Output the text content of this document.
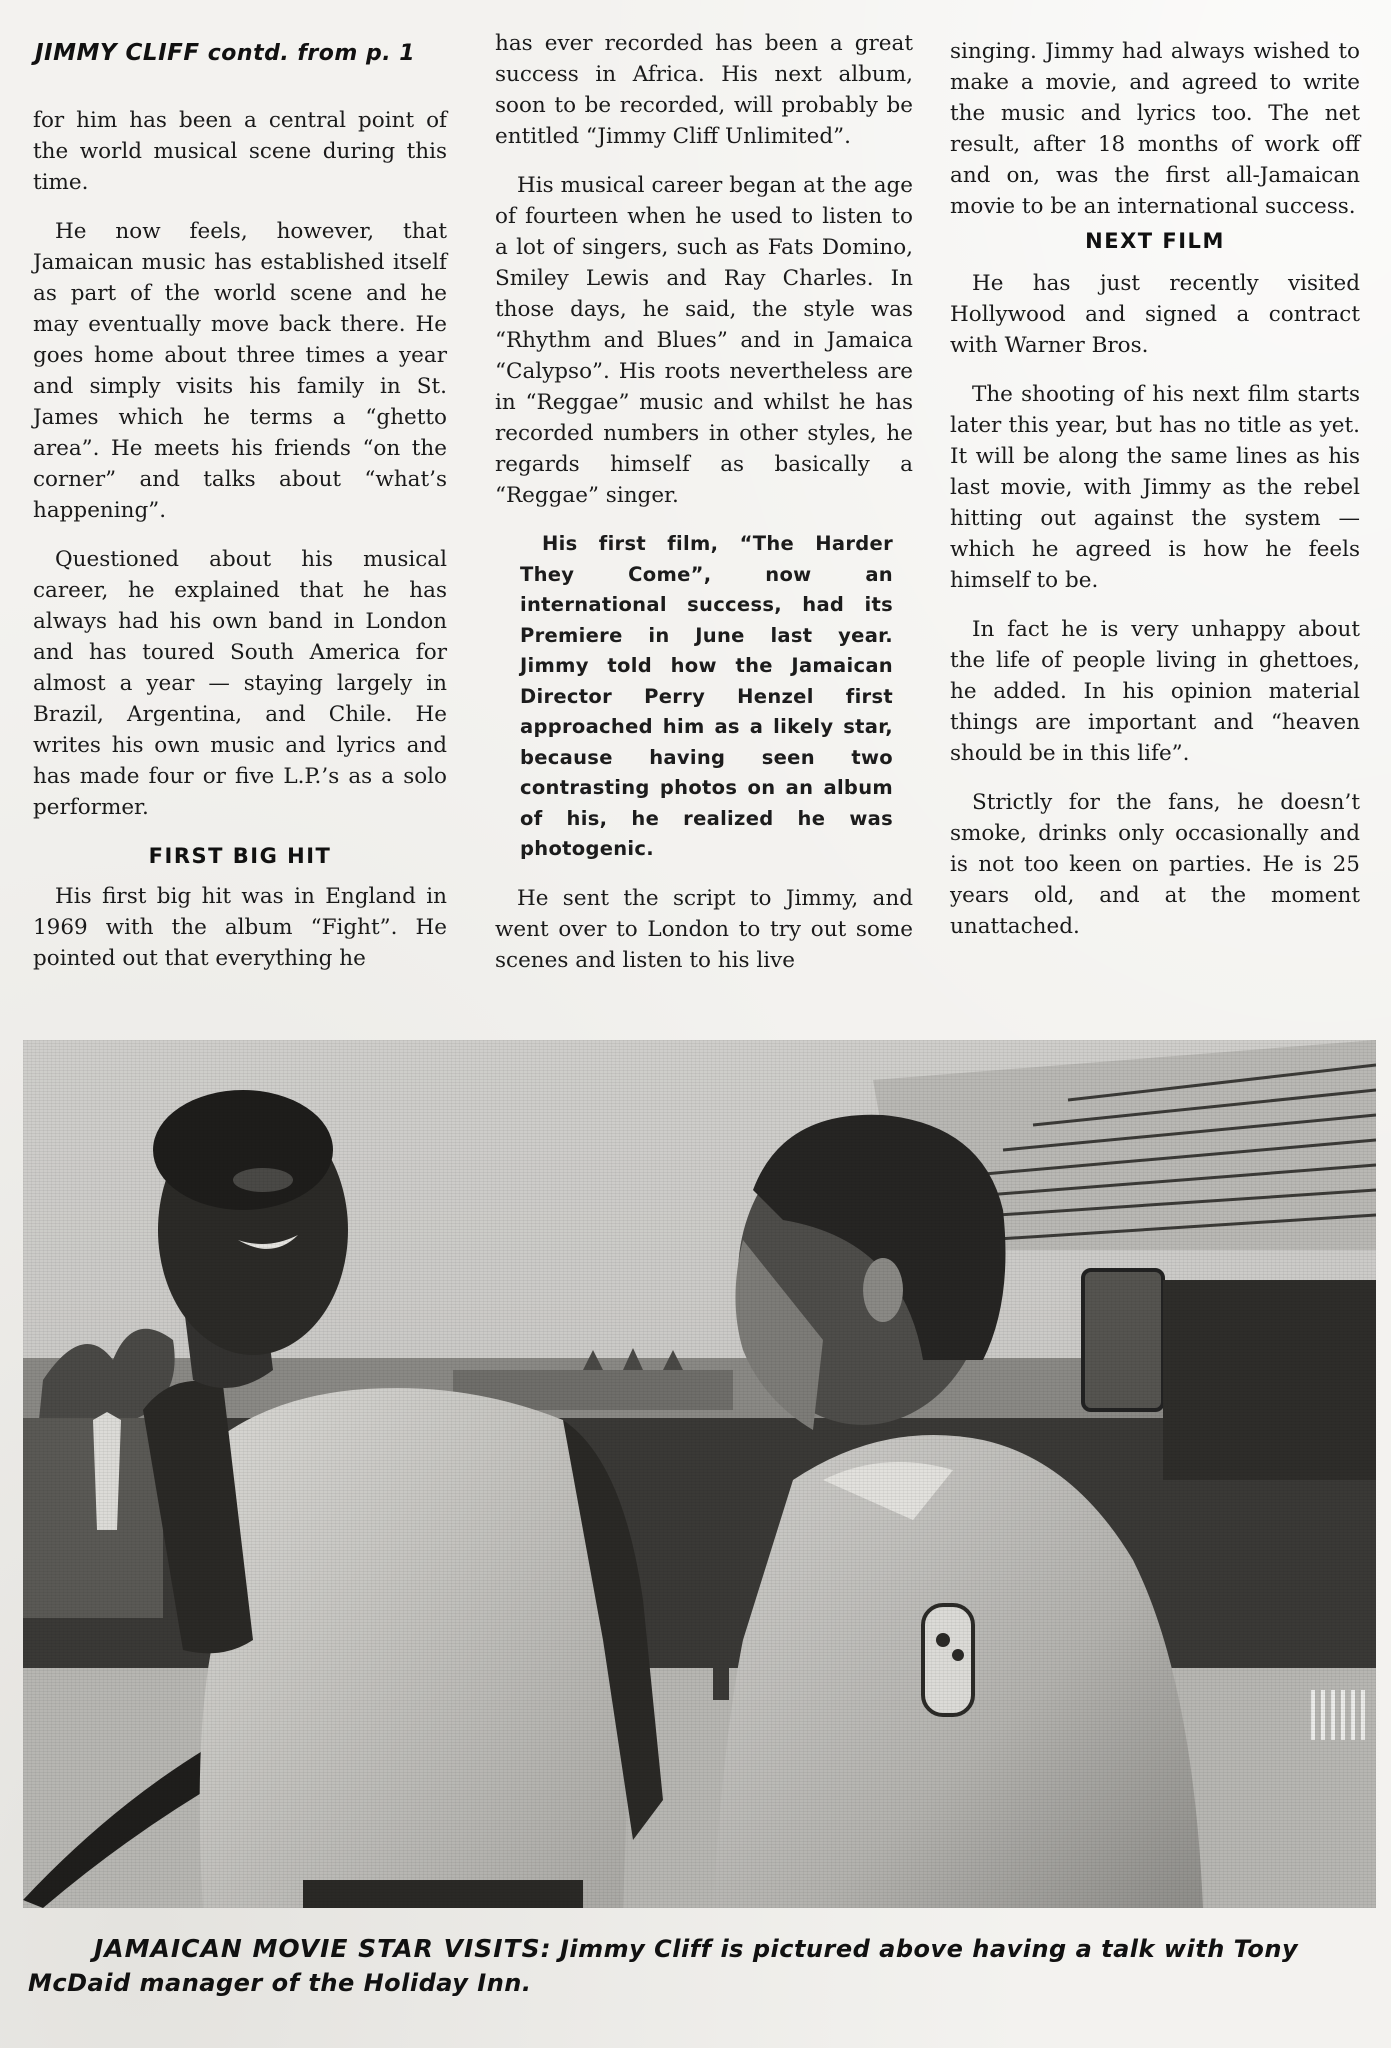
JIMMY CLIFF contd. from p. 1

for him has been a central point of the world musical scene during this time.

He now feels, however, that Jamaican music has established itself as part of the world scene and he may eventually move back there. He goes home about three times a year and simply visits his family in St. James which he terms a “ghetto area”. He meets his friends “on the corner” and talks about “what’s happening”.

Questioned about his musical career, he explained that he has always had his own band in London and has toured South America for almost a year — staying largely in Brazil, Argentina, and Chile. He writes his own music and lyrics and has made four or five L.P.’s as a solo performer.

FIRST BIG HIT

His first big hit was in England in 1969 with the album “Fight”. He pointed out that everything he

has ever recorded has been a great success in Africa. His next album, soon to be recorded, will probably be entitled “Jimmy Cliff Unlimited”.

His musical career began at the age of fourteen when he used to listen to a lot of singers, such as Fats Domino, Smiley Lewis and Ray Charles. In those days, he said, the style was “Rhythm and Blues” and in Jamaica “Calypso”. His roots nevertheless are in “Reggae” music and whilst he has recorded numbers in other styles, he regards himself as basically a “Reggae” singer.

His first film, “The Harder They Come”, now an international success, had its Premiere in June last year. Jimmy told how the Jamaican Director Perry Henzel first approached him as a likely star, because having seen two contrasting photos on an album of his, he realized he was photogenic.

He sent the script to Jimmy, and went over to London to try out some scenes and listen to his live

singing. Jimmy had always wished to make a movie, and agreed to write the music and lyrics too. The net result, after 18 months of work off and on, was the first all-Jamaican movie to be an international success.

NEXT FILM

He has just recently visited Hollywood and signed a contract with Warner Bros.

The shooting of his next film starts later this year, but has no title as yet. It will be along the same lines as his last movie, with Jimmy as the rebel hitting out against the system — which he agreed is how he feels himself to be.

In fact he is very unhappy about the life of people living in ghettoes, he added. In his opinion material things are important and “heaven should be in this life”.

Strictly for the fans, he doesn’t smoke, drinks only occasionally and is not too keen on parties. He is 25 years old, and at the moment unattached.

JAMAICAN MOVIE STAR VISITS: Jimmy Cliff is pictured above having a talk with Tony McDaid manager of the Holiday Inn.
